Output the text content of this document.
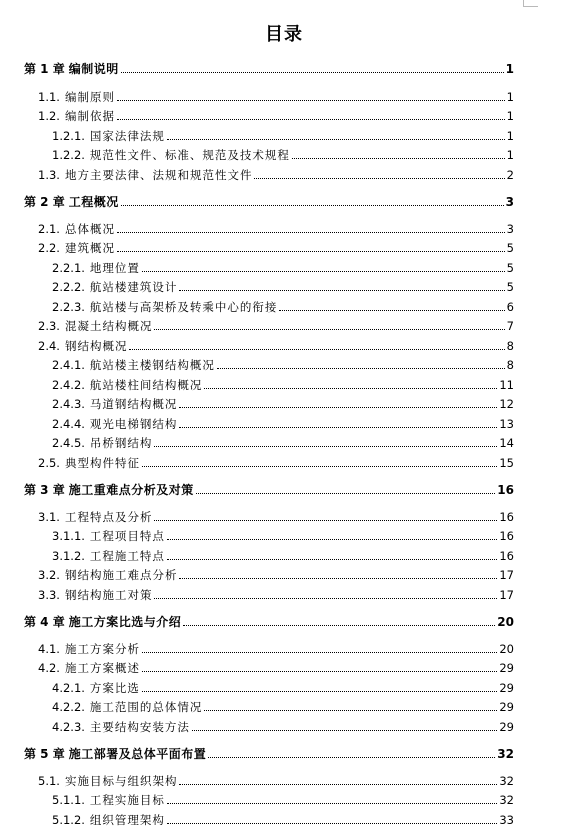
目录
第 1 章 编制说明	1
1.1. 编制原则	1
1.2. 编制依据	1
1.2.1. 国家法律法规	1
1.2.2. 规范性文件、标准、规范及技术规程	1
1.3. 地方主要法律、法规和规范性文件	2
第 2 章 工程概况	3
2.1. 总体概况	3
2.2. 建筑概况	5
2.2.1. 地理位置	5
2.2.2. 航站楼建筑设计	5
2.2.3. 航站楼与高架桥及转乘中心的衔接	6
2.3. 混凝土结构概况	7
2.4. 钢结构概况	8
2.4.1. 航站楼主楼钢结构概况	8
2.4.2. 航站楼柱间结构概况	11
2.4.3. 马道钢结构概况	12
2.4.4. 观光电梯钢结构	13
2.4.5. 吊桥钢结构	14
2.5. 典型构件特征	15
第 3 章 施工重难点分析及对策	16
3.1. 工程特点及分析	16
3.1.1. 工程项目特点	16
3.1.2. 工程施工特点	16
3.2. 钢结构施工难点分析	17
3.3. 钢结构施工对策	17
第 4 章 施工方案比选与介绍	20
4.1. 施工方案分析	20
4.2. 施工方案概述	29
4.2.1. 方案比选	29
4.2.2. 施工范围的总体情况	29
4.2.3. 主要结构安装方法	29
第 5 章 施工部署及总体平面布置	32
5.1. 实施目标与组织架构	32
5.1.1. 工程实施目标	32
5.1.2. 组织管理架构	33
